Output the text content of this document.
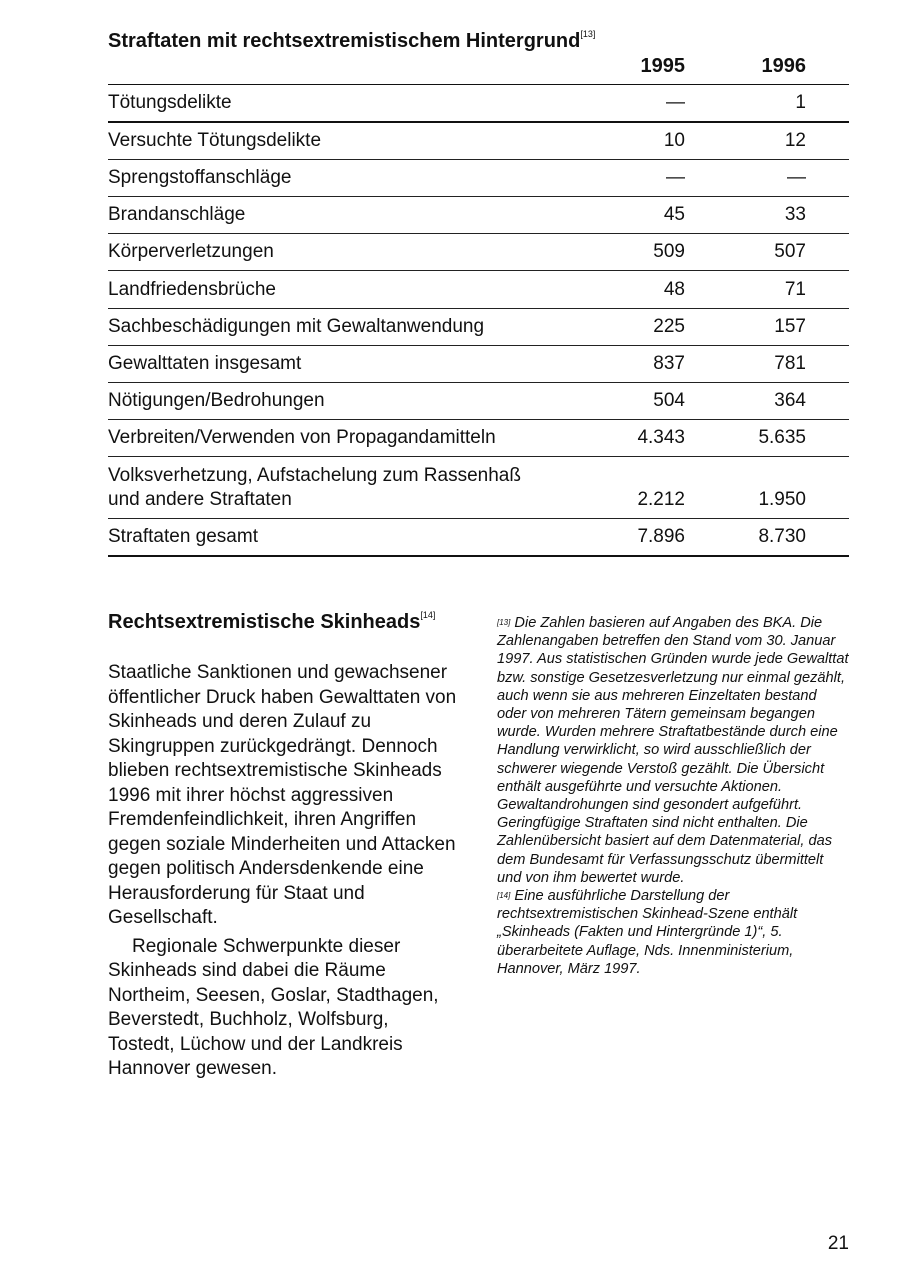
Straftaten mit rechtsextremistischem Hintergrund[13]
1995	1996
Tötungsdelikte	—	1
Versuchte Tötungsdelikte	10	12
Sprengstoffanschläge	—	—
Brandanschläge	45	33
Körperverletzungen	509	507
Landfriedensbrüche	48	71
Sachbeschädigungen mit Gewaltanwendung	225	157
Gewalttaten insgesamt	837	781
Nötigungen/Bedrohungen	504	364
Verbreiten/Verwenden von Propagandamitteln	4.343	5.635
Volksverhetzung, Aufstachelung zum Rassenhaß
und andere Straftaten	2.212	1.950
Straftaten gesamt	7.896	8.730
Rechtsextremistische Skinheads[14]

Staatliche Sanktionen und gewachsener öffentlicher Druck haben Gewalttaten von Skinheads und deren Zulauf zu Skingruppen zurückgedrängt. Dennoch blieben rechtsextremistische Skinheads 1996 mit ihrer höchst aggressiven Fremdenfeindlichkeit, ihren Angriffen gegen soziale Minderheiten und Attacken gegen politisch Andersdenkende eine Herausforderung für Staat und Gesellschaft.

Regionale Schwerpunkte dieser Skinheads sind dabei die Räume Northeim, Seesen, Goslar, Stadthagen, Beverstedt, Buchholz, Wolfsburg, Tostedt, Lüchow und der Landkreis Hannover gewesen.

[13] Die Zahlen basieren auf Angaben des BKA. Die Zahlenangaben betreffen den Stand vom 30. Januar 1997. Aus statistischen Gründen wurde jede Gewalttat bzw. sonstige Gesetzesverletzung nur einmal gezählt, auch wenn sie aus mehreren Einzeltaten bestand oder von mehreren Tätern gemeinsam begangen wurde. Wurden mehrere Straftatbestände durch eine Handlung verwirklicht, so wird ausschließlich der schwerer wiegende Verstoß gezählt. Die Übersicht enthält ausgeführte und versuchte Aktionen. Gewaltandrohungen sind gesondert aufgeführt. Geringfügige Straftaten sind nicht enthalten. Die Zahlenübersicht basiert auf dem Datenmaterial, das dem Bundesamt für Verfassungsschutz übermittelt und von ihm bewertet wurde.

[14] Eine ausführliche Darstellung der rechtsextremistischen Skinhead-Szene enthält „Skinheads (Fakten und Hintergründe 1)“, 5. überarbeitete Auflage, Nds. Innenministerium, Hannover, März 1997.

21
